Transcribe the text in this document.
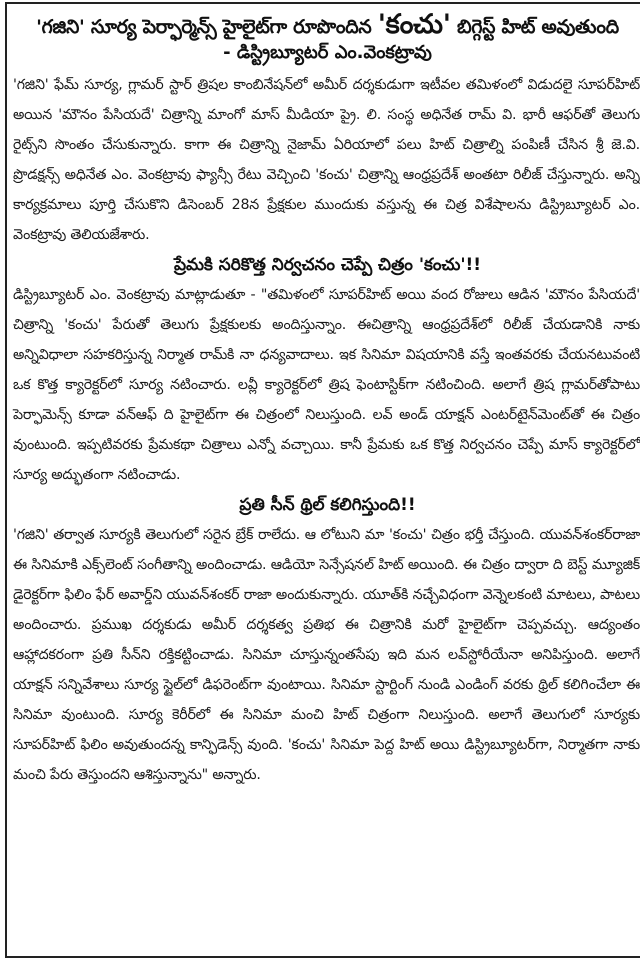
'గజిని' సూర్య పెర్ఫార్మెన్స్ హైలైట్‌గా రూపొందిన 'కంచు' బిగ్గెస్ట్ హిట్ అవుతుంది
- డిస్ట్రిబ్యూటర్ ఎం.వెంకట్రావు

'గజిని' ఫేమ్ సూర్య, గ్లామర్ స్టార్ త్రిషల కాంబినేషన్‌లో అమీర్ దర్శకుడుగా ఇటీవల తమిళంలో విడుదలై సూపర్‌హిట్ అయిన 'మౌనం పేసియదే' చిత్రాన్ని మాంగో మాస్ మీడియా ప్రై. లి. సంస్థ అధినేత రామ్ వి. భారీ ఆఫర్‌తో తెలుగు రైట్స్‌ని సొంతం చేసుకున్నారు. కాగా ఈ చిత్రాన్ని నైజామ్ ఏరియాలో పలు హిట్ చిత్రాల్ని పంపిణీ చేసిన శ్రీ జె.వి. ప్రొడక్షన్స్ అధినేత ఎం. వెంకట్రావు ఫ్యాన్సీ రేటు వెచ్చించి 'కంచు' చిత్రాన్ని ఆంధ్రప్రదేశ్ అంతటా రిలీజ్ చేస్తున్నారు. అన్ని కార్యక్రమాలు పూర్తి చేసుకొని డిసెంబర్ 28న ప్రేక్షకుల ముందుకు వస్తున్న ఈ చిత్ర విశేషాలను డిస్ట్రిబ్యూటర్ ఎం. వెంకట్రావు తెలియజేశారు.

ప్రేమకి సరికొత్త నిర్వచనం చెప్పే చిత్రం 'కంచు'!!

డిస్ట్రిబ్యూటర్ ఎం. వెంకట్రావు మాట్లాడుతూ - "తమిళంలో సూపర్‌హిట్ అయి వంద రోజులు ఆడిన 'మౌనం పేసియదే' చిత్రాన్ని 'కంచు' పేరుతో తెలుగు ప్రేక్షకులకు అందిస్తున్నాం. ఈచిత్రాన్ని ఆంధ్రప్రదేశ్‌లో రిలీజ్ చేయడానికి నాకు అన్నివిధాలా సహకరిస్తున్న నిర్మాత రామ్‌కి నా ధన్యవాదాలు. ఇక సినిమా విషయానికి వస్తే ఇంతవరకు చేయనటువంటి ఒక కొత్త క్యారెక్టర్‌లో సూర్య నటించారు. లవ్లీ క్యారెక్టర్‌లో త్రిష ఫెంటాస్టిక్‌గా నటించింది. అలాగే త్రిష గ్లామర్‌తోపాటు పెర్ఫామెన్స్ కూడా వన్‌ఆఫ్ ది హైలైట్‌గా ఈ చిత్రంలో నిలుస్తుంది. లవ్ అండ్ యాక్షన్ ఎంటర్‌టైన్‌మెంట్‌తో ఈ చిత్రం వుంటుంది. ఇప్పటివరకు ప్రేమకథా చిత్రాలు ఎన్నో వచ్చాయి. కానీ ప్రేమకు ఒక కొత్త నిర్వచనం చెప్పే మాస్ క్యారెక్టర్‌లో సూర్య అద్భుతంగా నటించాడు.

ప్రతి సీన్ థ్రిల్ కలిగిస్తుంది!!

'గజిని' తర్వాత సూర్యకి తెలుగులో సరైన బ్రేక్ రాలేదు. ఆ లోటుని మా 'కంచు' చిత్రం భర్తీ చేస్తుంది. యువన్‌శంకర్‌రాజా ఈ సినిమాకి ఎక్స్‌లెంట్ సంగీతాన్ని అందించాడు. ఆడియో సెన్సేషనల్ హిట్ అయింది. ఈ చిత్రం ద్వారా ది బెస్ట్ మ్యూజిక్ డైరెక్టర్‌గా ఫిలిం ఫేర్ అవార్డ్‌ని యువన్‌శంకర్ రాజా అందుకున్నారు. యూత్‌కి నచ్చేవిధంగా వెన్నెలకంటి మాటలు, పాటలు అందించారు. ప్రముఖ దర్శకుడు అమీర్ దర్శకత్వ ప్రతిభ ఈ చిత్రానికి మరో హైలైట్‌గా చెప్పవచ్చు. ఆద్యంతం ఆహ్లాదకరంగా ప్రతి సీన్‌ని రక్తికట్టించాడు. సినిమా చూస్తున్నంతసేపు ఇది మన లవ్‌స్టోరీయేనా అనిపిస్తుంది. అలాగే యాక్షన్ సన్నివేశాలు సూర్య స్టైల్‌లో డిఫరెంట్‌గా వుంటాయి. సినిమా స్టార్టింగ్ నుండి ఎండింగ్ వరకు థ్రిల్ కలిగించేలా ఈ సినిమా వుంటుంది. సూర్య కెరీర్‌లో ఈ సినిమా మంచి హిట్ చిత్రంగా నిలుస్తుంది. అలాగే తెలుగులో సూర్యకు సూపర్‌హిట్ ఫిలిం అవుతుందన్న కాన్ఫిడెన్స్ వుంది. 'కంచు' సినిమా పెద్ద హిట్ అయి డిస్ట్రిబ్యూటర్‌గా, నిర్మాతగా నాకు మంచి పేరు తెస్తుందని ఆశిస్తున్నాను" అన్నారు.
